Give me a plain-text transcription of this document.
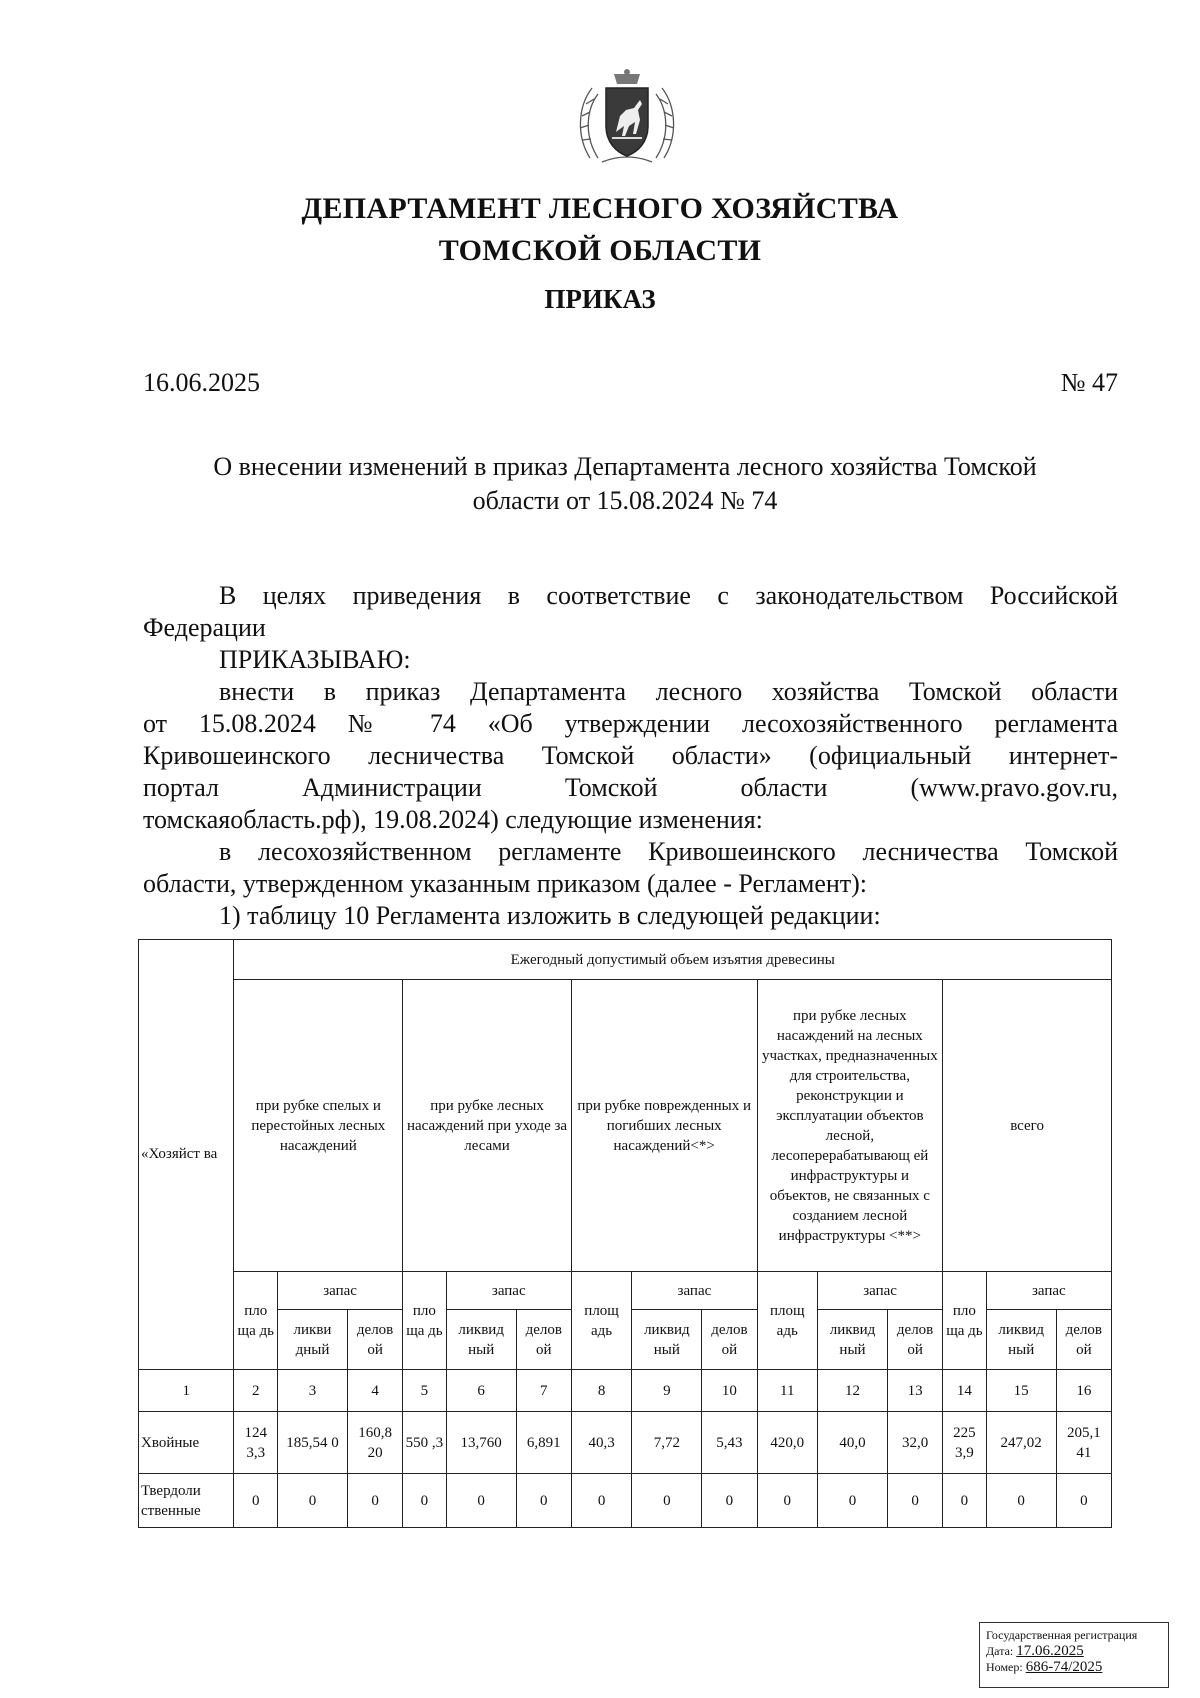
ДЕПАРТАМЕНТ ЛЕСНОГО ХОЗЯЙСТВА
ТОМСКОЙ ОБЛАСТИ
ПРИКАЗ
16.06.2025	№ 47
О внесении изменений в приказ Департамента лесного хозяйства Томской
области от 15.08.2024 № 74
В целях приведения в соответствие с законодательством Российской
Федерации
ПРИКАЗЫВАЮ:
внести в приказ Департамента лесного хозяйства Томской области
от 15.08.2024 № 74 «Об утверждении лесохозяйственного регламента
Кривошеинского лесничества Томской области» (официальный интернет-
портал Администрации Томской области (www.pravo.gov.ru,
томскаяобласть.рф), 19.08.2024) следующие изменения:
в лесохозяйственном регламенте Кривошеинского лесничества Томской
области, утвержденном указанным приказом (далее - Регламент):
1) таблицу 10 Регламента изложить в следующей редакции:
«Хозяйст ва	Ежегодный допустимый объем изъятия древесины														
	при рубке спелых и перестойных лесных насаждений			при рубке лесных насаждений при уходе за лесами			при рубке поврежденных и погибших лесных насаждений<*>			при рубке лесных насаждений на лесных участках, предназначенных для строительства, реконструкции и эксплуатации объектов лесной, лесоперерабатывающ ей инфраструктуры и объектов, не связанных с созданием лесной инфраструктуры <**>			всего		
	пло ща дь	запас		пло ща дь	запас		площ адь	запас		площ адь	запас		пло ща дь	запас	
		ликви дный	делов ой		ликвид ный	делов ой		ликвид ный	делов ой		ликвид ный	делов ой		ликвид ный	делов ой
1	2	3	4	5	6	7	8	9	10	11	12	13	14	15	16
Хвойные	124 3,3	185,54 0	160,8 20	550 ,3	13,760	6,891	40,3	7,72	5,43	420,0	40,0	32,0	225 3,9	247,02	205,1 41
Твердоли ственные	0	0	0	0	0	0	0	0	0	0	0	0	0	0	0
Государственная регистрация
Дата: 17.06.2025
Номер: 686-74/2025
